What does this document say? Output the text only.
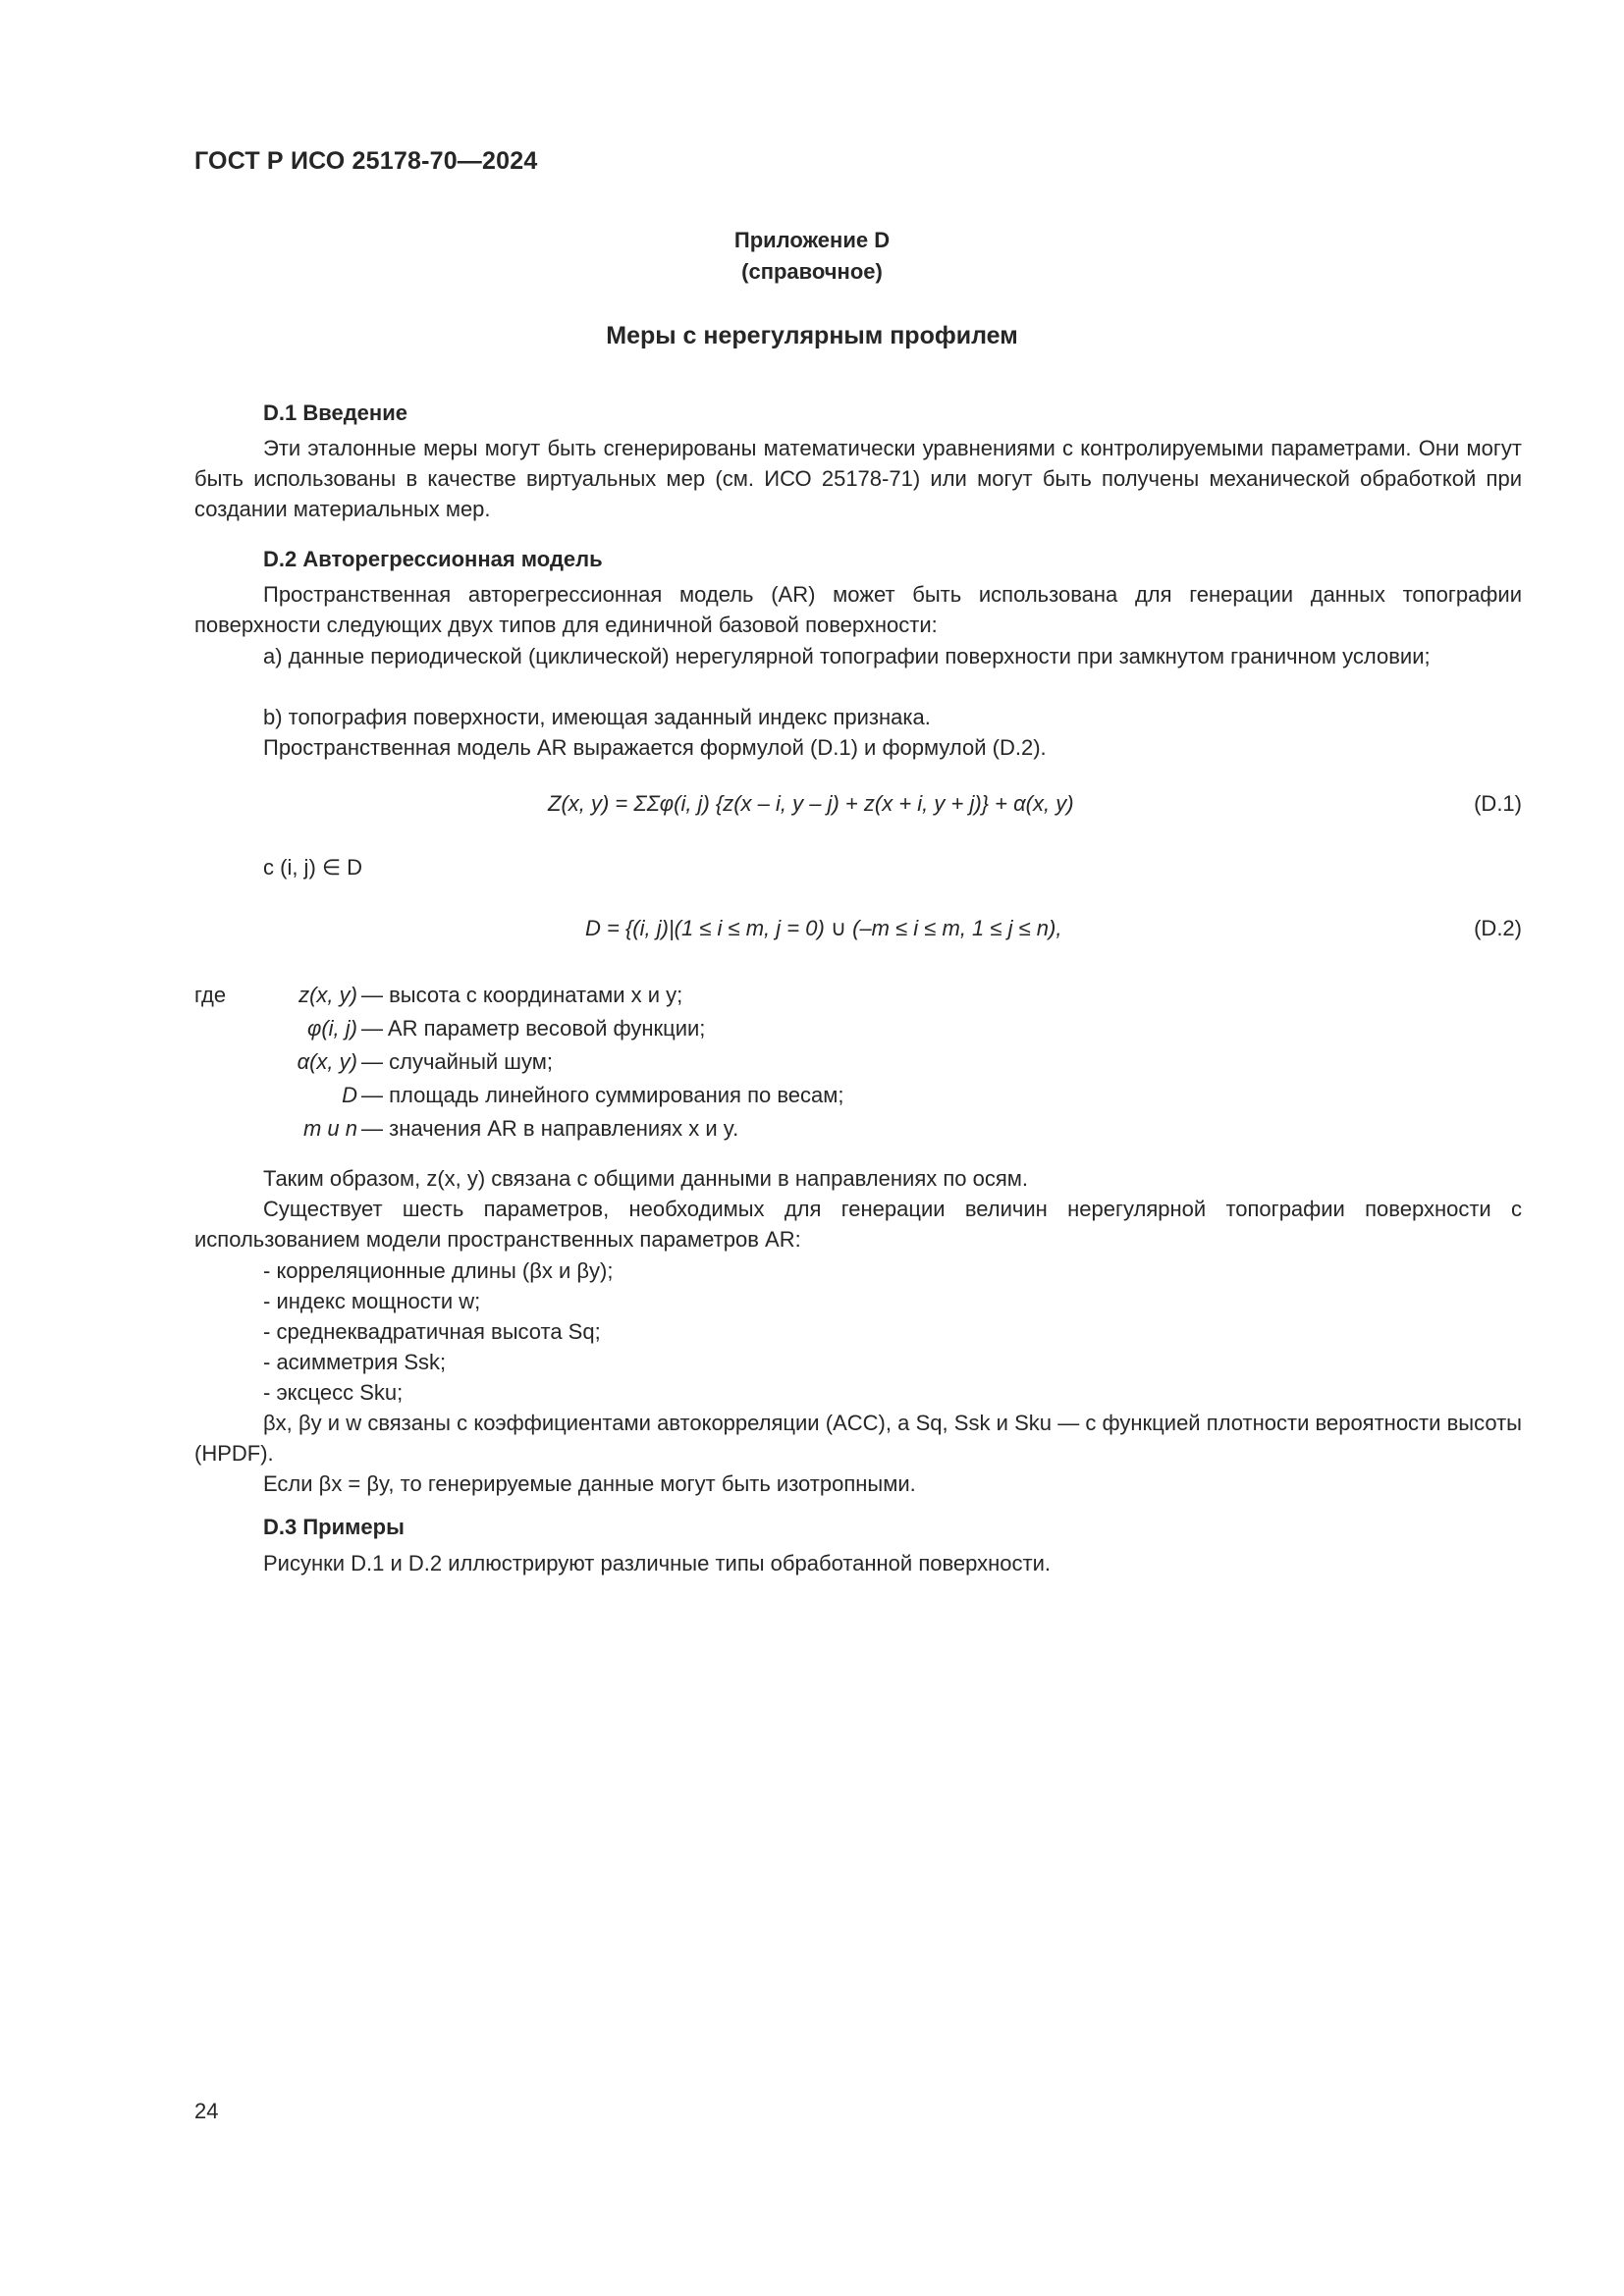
ГОСТ Р ИСО 25178-70—2024
Приложение D
(справочное)
Меры с нерегулярным профилем
D.1 Введение

Эти эталонные меры могут быть сгенерированы математически уравнениями с контролируемыми параметрами. Они могут быть использованы в качестве виртуальных мер (см. ИСО 25178-71) или могут быть получены механической обработкой при создании материальных мер.

D.2 Авторегрессионная модель

Пространственная авторегрессионная модель (AR) может быть использована для генерации данных топографии поверхности следующих двух типов для единичной базовой поверхности:

a) данные периодической (циклической) нерегулярной топографии поверхности при замкнутом граничном условии;

b) топография поверхности, имеющая заданный индекс признака.
Пространственная модель AR выражается формулой (D.1) и формулой (D.2).
Z(x, y) = ΣΣφ(i, j) {z(x – i, y – j) + z(x + i, y + j)} + α(x, y)	(D.1)
с (i, j) ∈ D
D = {(i, j)|(1 ≤ i ≤ m, j = 0) ∪ (–m ≤ i ≤ m, 1 ≤ j ≤ n),	(D.2)
где	z(x, y) — высота с координатами x и y;
φ(i, j) — AR параметр весовой функции;
α(x, y) — случайный шум;
D — площадь линейного суммирования по весам;
m и n — значения AR в направлениях x и y.
Таким образом, z(x, y) связана с общими данными в направлениях по осям.

Существует шесть параметров, необходимых для генерации величин нерегулярной топографии поверхности с использованием модели пространственных параметров AR:

- корреляционные длины (βx и βy);
- индекс мощности w;
- среднеквадратичная высота Sq;
- асимметрия Ssk;
- эксцесс Sku;

βx, βy и w связаны с коэффициентами автокорреляции (ACC), а Sq, Ssk и Sku — с функцией плотности вероятности высоты (HPDF).

Если βx = βy, то генерируемые данные могут быть изотропными.
D.3 Примеры
Рисунки D.1 и D.2 иллюстрируют различные типы обработанной поверхности.
24
